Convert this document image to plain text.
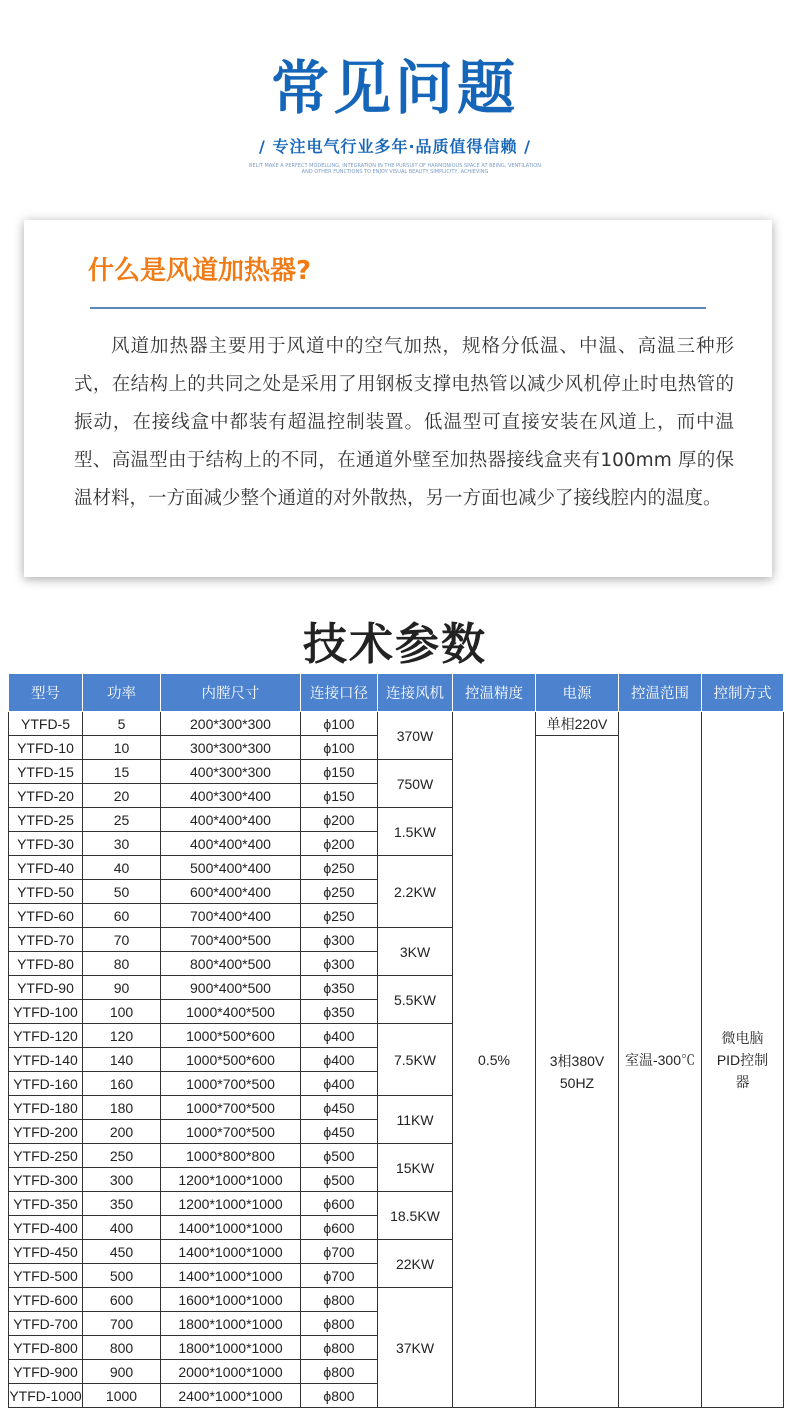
常见问题
/ 专注电气行业多年·品质值得信赖 /
BELIT MAKE A PERFECT MODELLING, INTEGRATION IN THE PURSUIT OF HARMONIOUS SPACE AT BEING, VENTILATION AND OTHER FUNCTIONS TO ENJOY VISUAL BEAUTY SIMPLICITY, ACHIEVING
什么是风道加热器?
风道加热器主要用于风道中的空气加热，规格分低温、中温、高温三种形式，在结构上的共同之处是采用了用钢板支撑电热管以减少风机停止时电热管的振动，在接线盒中都装有超温控制装置。低温型可直接安装在风道上，而中温型、高温型由于结构上的不同，在通道外壁至加热器接线盒夹有100mm 厚的保温材料，一方面减少整个通道的对外散热，另一方面也减少了接线腔内的温度。
技术参数
型号	功率	内膛尺寸	连接口径	连接风机	控温精度	电源	控温范围	控制方式
YTFD-5	5	200*300*300	ϕ100	370W	0.5%	单相220V	室温-300℃	微电脑PID控制器
YTFD-10	10	300*300*300	ϕ100			3相380V 50HZ		
YTFD-15	15	400*300*300	ϕ150	750W				
YTFD-20	20	400*300*400	ϕ150					
YTFD-25	25	400*400*400	ϕ200	1.5KW				
YTFD-30	30	400*400*400	ϕ200					
YTFD-40	40	500*400*400	ϕ250	2.2KW				
YTFD-50	50	600*400*400	ϕ250					
YTFD-60	60	700*400*400	ϕ250					
YTFD-70	70	700*400*500	ϕ300	3KW				
YTFD-80	80	800*400*500	ϕ300					
YTFD-90	90	900*400*500	ϕ350	5.5KW				
YTFD-100	100	1000*400*500	ϕ350					
YTFD-120	120	1000*500*600	ϕ400	7.5KW				
YTFD-140	140	1000*500*600	ϕ400					
YTFD-160	160	1000*700*500	ϕ400					
YTFD-180	180	1000*700*500	ϕ450	11KW				
YTFD-200	200	1000*700*500	ϕ450					
YTFD-250	250	1000*800*800	ϕ500	15KW				
YTFD-300	300	1200*1000*1000	ϕ500					
YTFD-350	350	1200*1000*1000	ϕ600	18.5KW				
YTFD-400	400	1400*1000*1000	ϕ600					
YTFD-450	450	1400*1000*1000	ϕ700	22KW				
YTFD-500	500	1400*1000*1000	ϕ700					
YTFD-600	600	1600*1000*1000	ϕ800	37KW				
YTFD-700	700	1800*1000*1000	ϕ800					
YTFD-800	800	1800*1000*1000	ϕ800					
YTFD-900	900	2000*1000*1000	ϕ800					
YTFD-1000	1000	2400*1000*1000	ϕ800					
